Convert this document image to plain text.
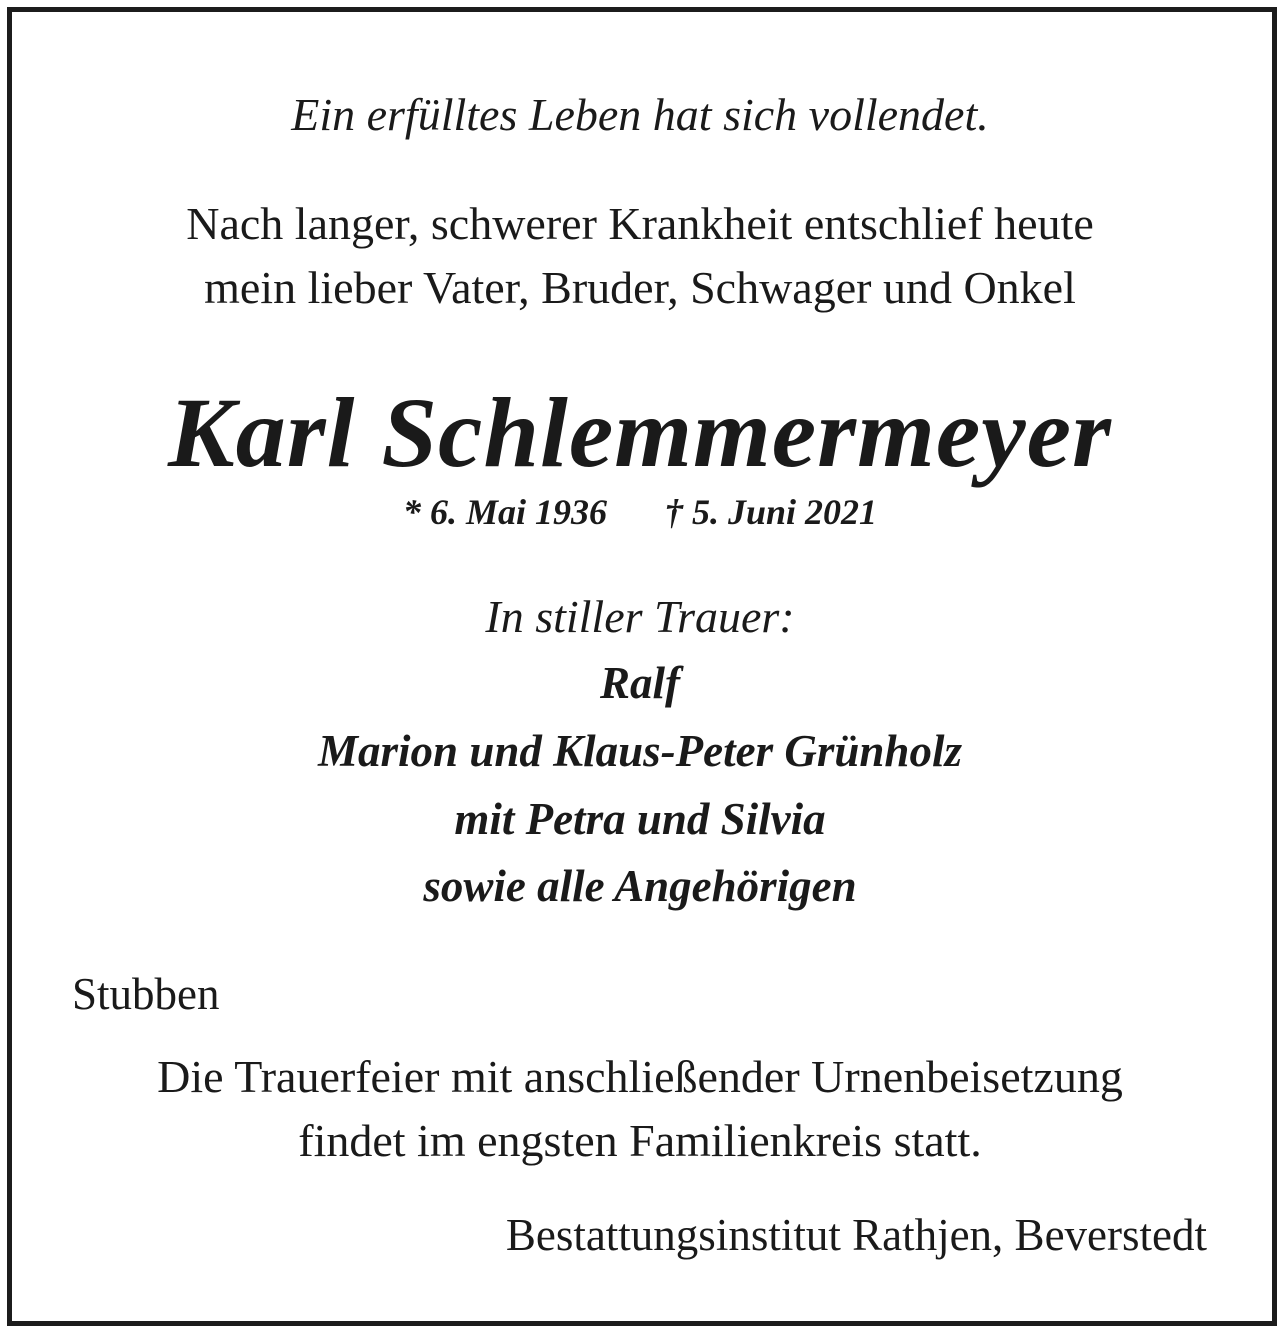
Ein erfülltes Leben hat sich vollendet.
Nach langer, schwerer Krankheit entschlief heute
mein lieber Vater, Bruder, Schwager und Onkel
Karl Schlemmermeyer
* 6. Mai 1936 † 5. Juni 2021
In stiller Trauer:
Ralf
Marion und Klaus-Peter Grünholz
mit Petra und Silvia
sowie alle Angehörigen
Stubben
Die Trauerfeier mit anschließender Urnenbeisetzung
findet im engsten Familienkreis statt.
Bestattungsinstitut Rathjen, Beverstedt
